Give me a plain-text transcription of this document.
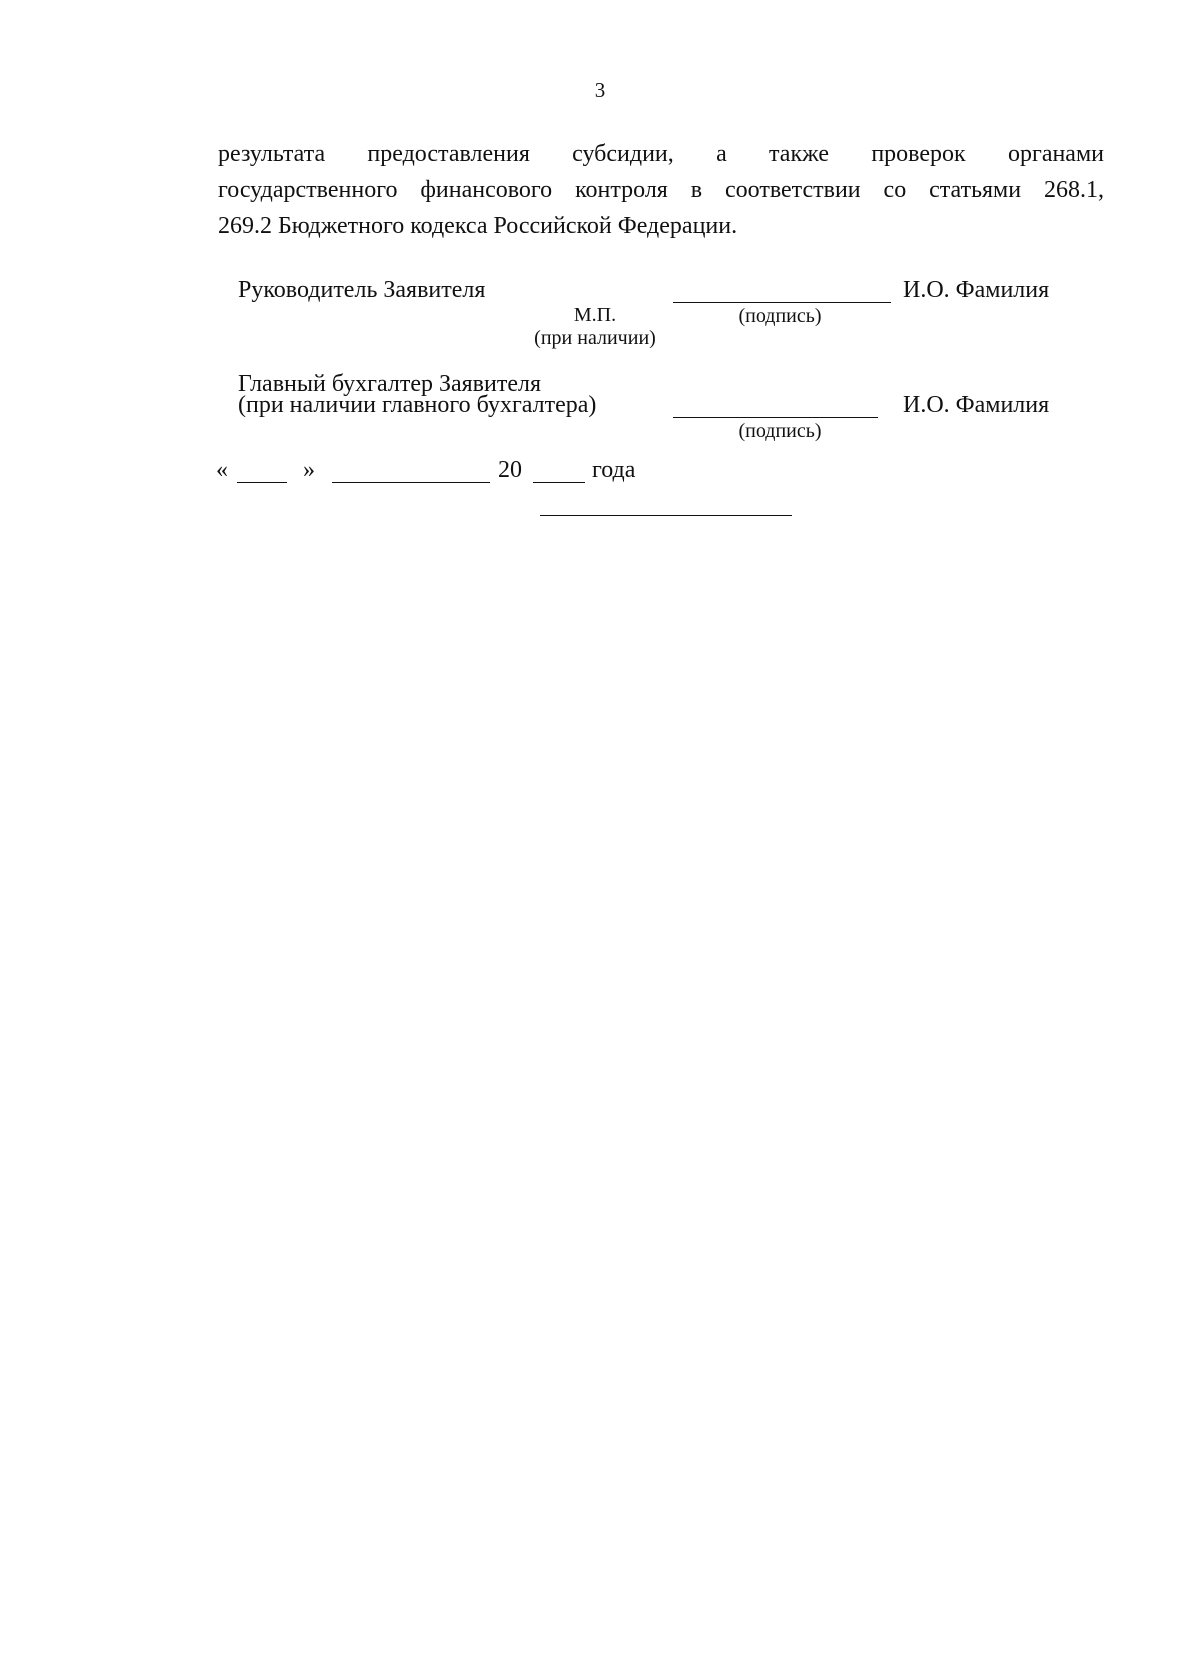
3
результата предоставления субсидии, а также проверок органами
государственного финансового контроля в соответствии со статьями 268.1,
269.2 Бюджетного кодекса Российской Федерации.
Руководитель Заявителя	И.О. Фамилия
М.П.	(подпись)
(при наличии)
Главный бухгалтер Заявителя
(при наличии главного бухгалтера)	И.О. Фамилия
(подпись)
«	»	20	года
